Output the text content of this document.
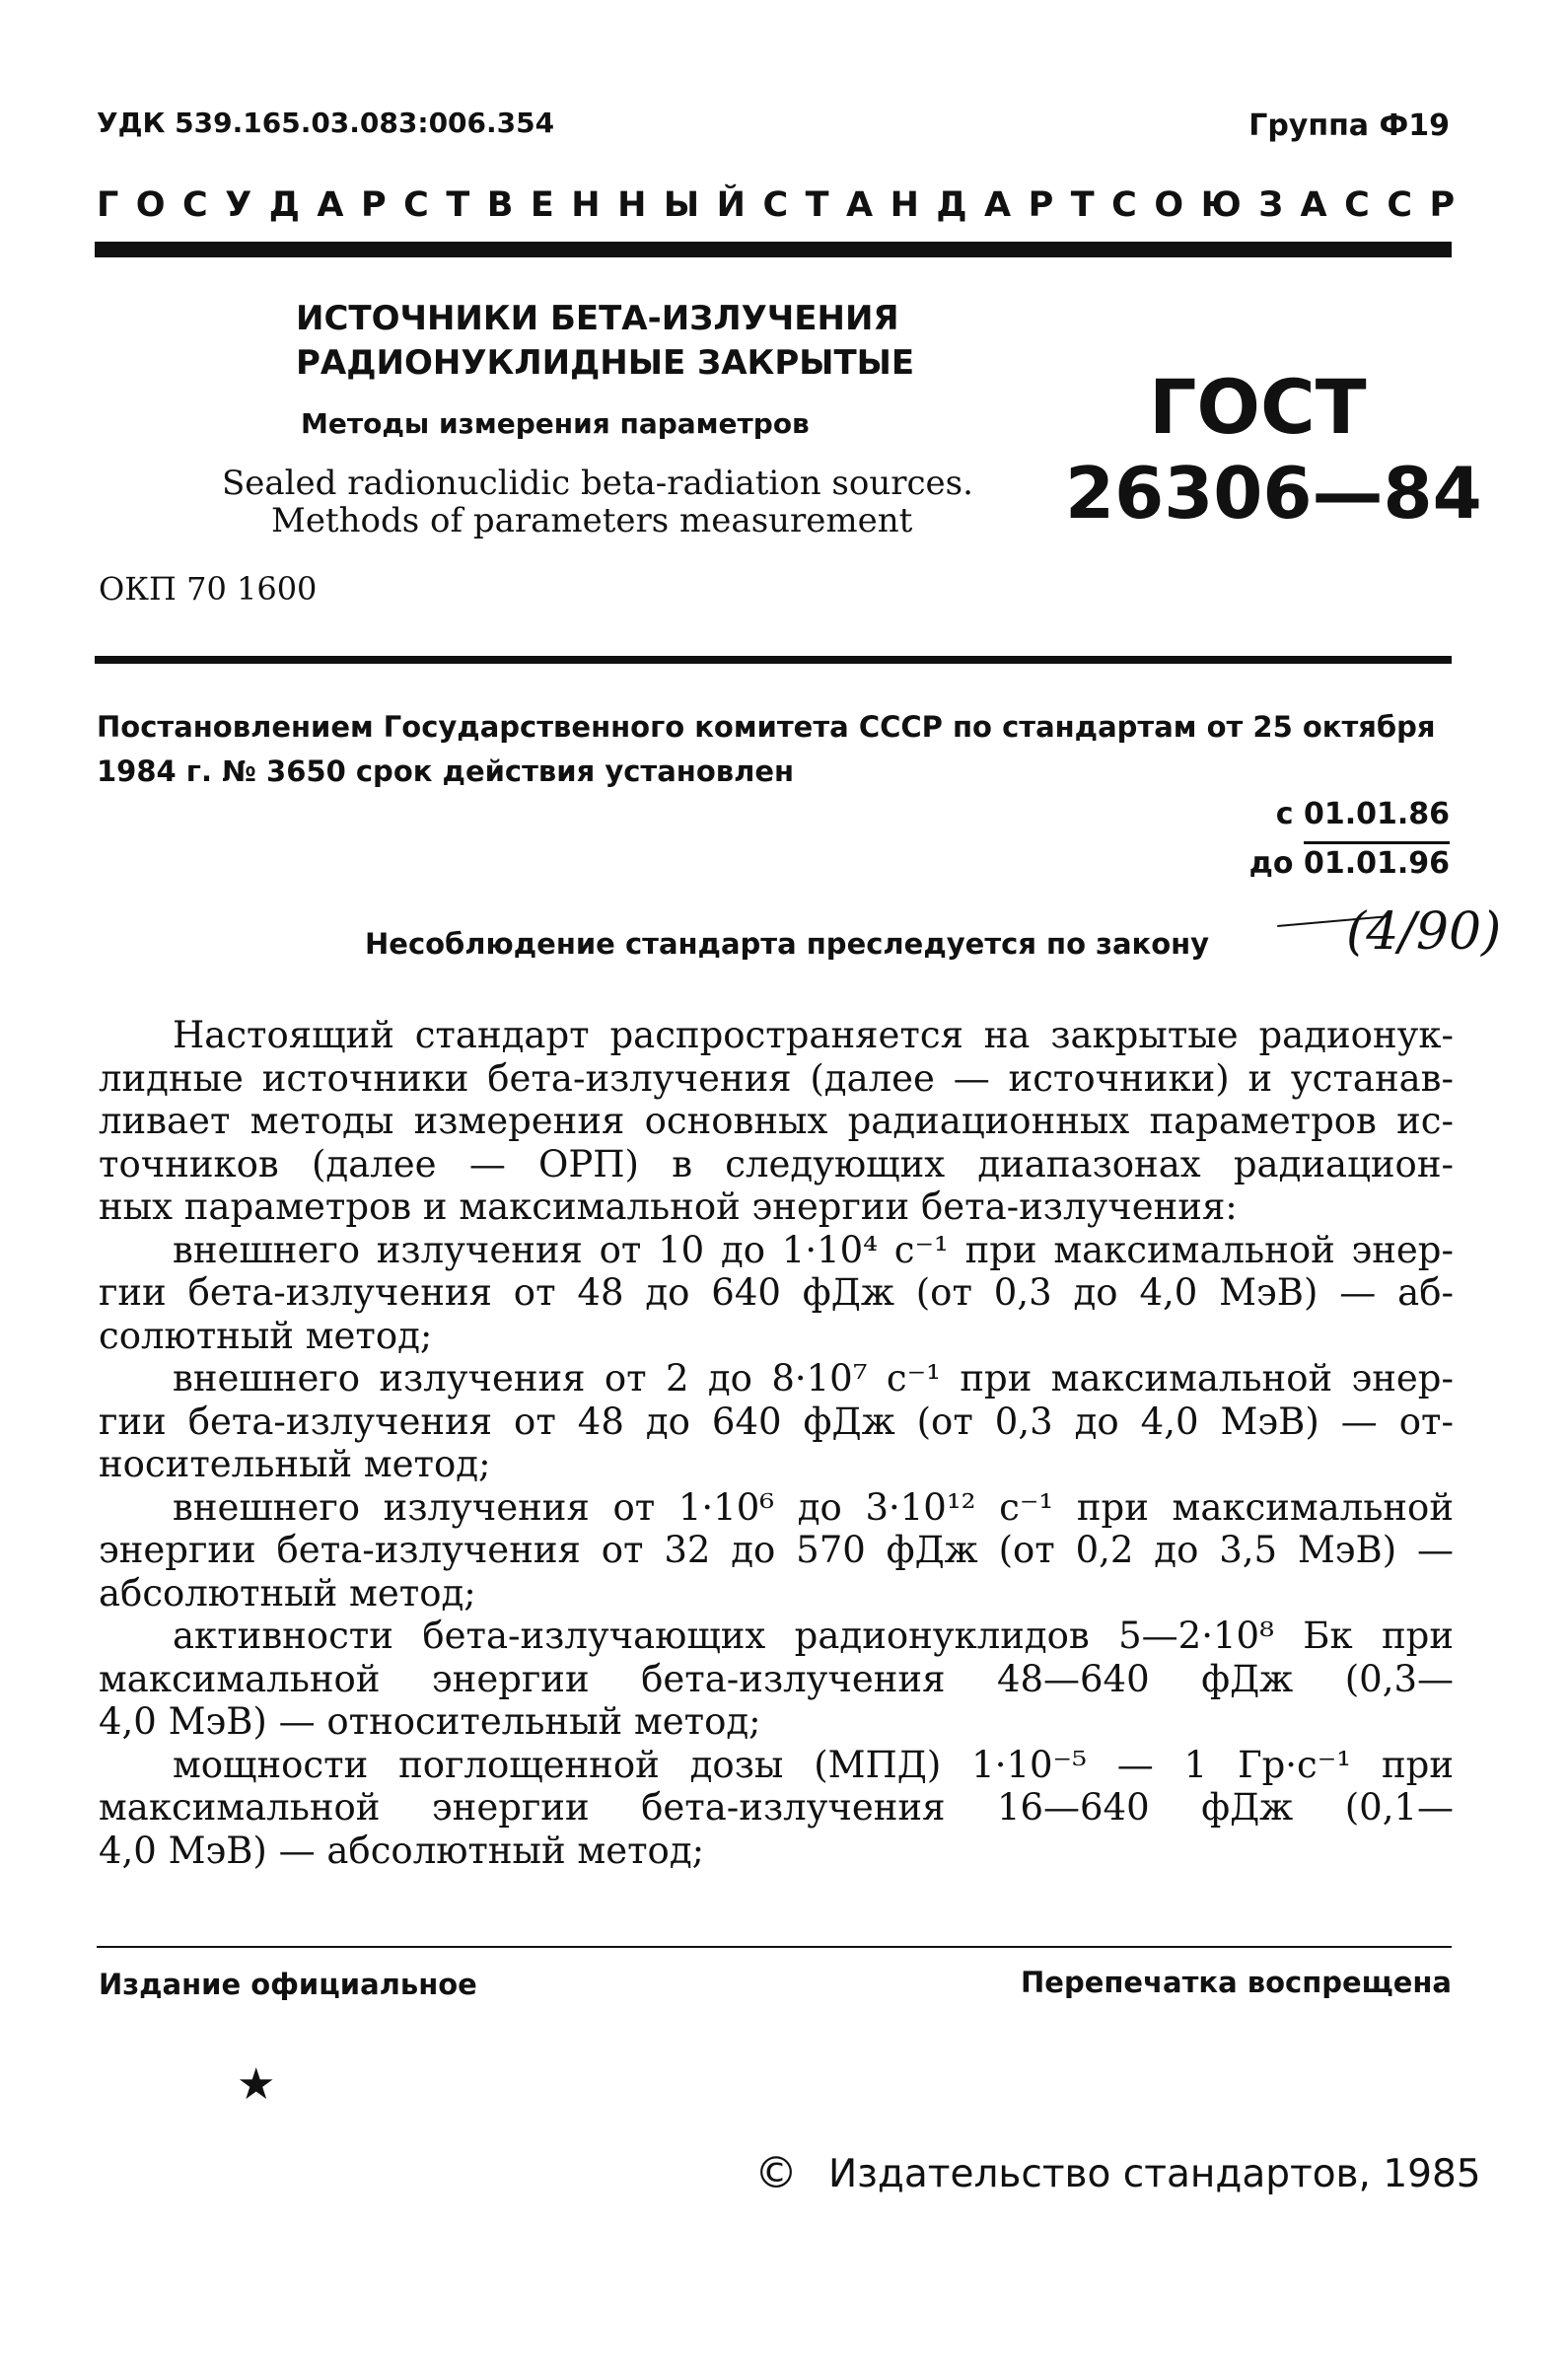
УДК 539.165.03.083:006.354	Группа Ф19
ГОСУДАРСТВЕННЫЙ СТАНДАРТ СОЮЗА ССР
ИСТОЧНИКИ БЕТА-ИЗЛУЧЕНИЯ
РАДИОНУКЛИДНЫЕ ЗАКРЫТЫЕ
Методы измерения параметров
Sealed radionuclidic beta-radiation sources.
Methods of parameters measurement
ОКП 70 1600
ГОСТ
26306—84
Постановлением Государственного комитета СССР по стандартам от 25 октября
1984 г. № 3650 срок действия установлен
с 01.01.86
до 01.01.96
(4/90)
Несоблюдение стандарта преследуется по закону
Настоящий стандарт распространяется на закрытые радионук-
лидные источники бета-излучения (далее — источники) и устанав-
ливает методы измерения основных радиационных параметров ис-
точников (далее — ОРП) в следующих диапазонах радиацион-
ных параметров и максимальной энергии бета-излучения:
внешнего излучения от 10 до 1·10⁴ с⁻¹ при максимальной энер-
гии бета-излучения от 48 до 640 фДж (от 0,3 до 4,0 МэВ) — аб-
солютный метод;
внешнего излучения от 2 до 8·10⁷ с⁻¹ при максимальной энер-
гии бета-излучения от 48 до 640 фДж (от 0,3 до 4,0 МэВ) — от-
носительный метод;
внешнего излучения от 1·10⁶ до 3·10¹² с⁻¹ при максимальной
энергии бета-излучения от 32 до 570 фДж (от 0,2 до 3,5 МэВ) —
абсолютный метод;
активности бета-излучающих радионуклидов 5—2·10⁸ Бк при
максимальной энергии бета-излучения 48—640 фДж (0,3—
4,0 МэВ) — относительный метод;
мощности поглощенной дозы (МПД) 1·10⁻⁵ — 1 Гр·с⁻¹ при
максимальной энергии бета-излучения 16—640 фДж (0,1—
4,0 МэВ) — абсолютный метод;
Издание официальное	Перепечатка воспрещена
★
© Издательство стандартов, 1985
